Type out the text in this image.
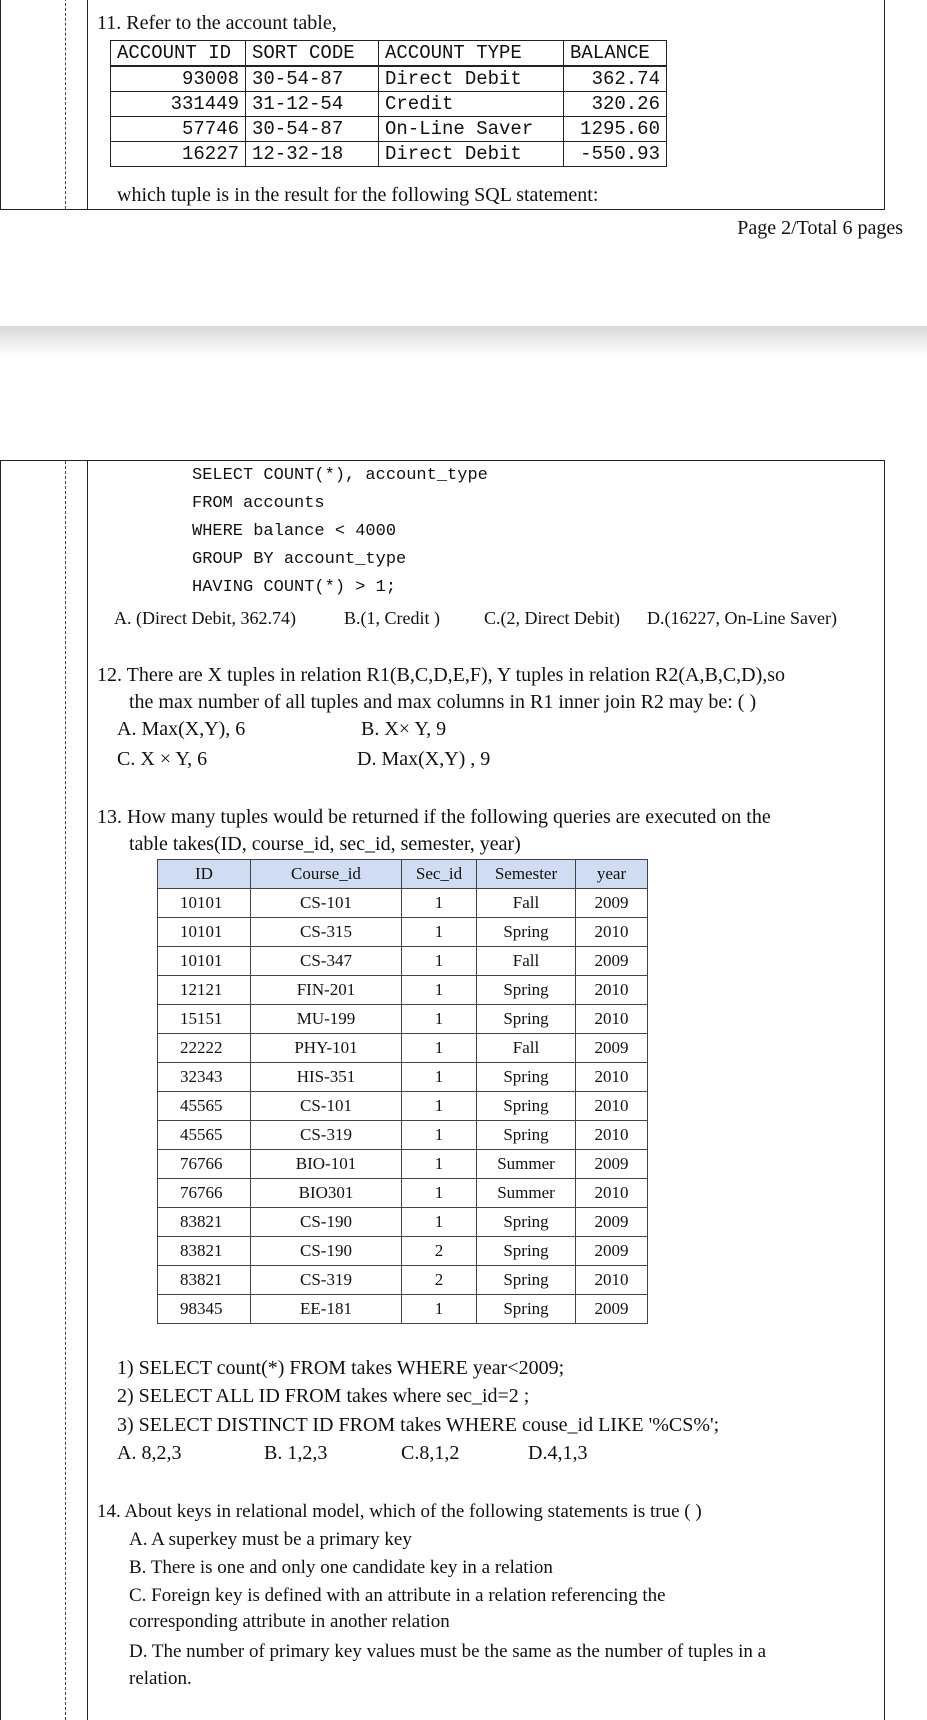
11. Refer to the account table,
ACCOUNT ID	SORT CODE	ACCOUNT TYPE	BALANCE
93008	30-54-87	Direct Debit	362.74
331449	31-12-54	Credit	320.26
57746	30-54-87	On-Line Saver	1295.60
16227	12-32-18	Direct Debit	-550.93
which tuple is in the result for the following SQL statement:
Page 2/Total 6 pages
SELECT COUNT(*), account_type
FROM accounts
WHERE balance < 4000
GROUP BY account_type
HAVING COUNT(*) > 1;
A. (Direct Debit, 362.74)	B.(1, Credit ) C.(2, Direct Debit) D.(16227, On-Line Saver)
12. There are X tuples in relation R1(B,C,D,E,F), Y tuples in relation R2(A,B,C,D),so
the max number of all tuples and max columns in R1 inner join R2 may be: ( )
A. Max(X,Y), 6	B. X× Y, 9
C. X × Y, 6	D. Max(X,Y) , 9
13. How many tuples would be returned if the following queries are executed on the
table takes(ID, course_id, sec_id, semester, year)
ID	Course_id	Sec_id	Semester	year
10101	CS-101	1	Fall	2009
10101	CS-315	1	Spring	2010
10101	CS-347	1	Fall	2009
12121	FIN-201	1	Spring	2010
15151	MU-199	1	Spring	2010
22222	PHY-101	1	Fall	2009
32343	HIS-351	1	Spring	2010
45565	CS-101	1	Spring	2010
45565	CS-319	1	Spring	2010
76766	BIO-101	1	Summer	2009
76766	BIO301	1	Summer	2010
83821	CS-190	1	Spring	2009
83821	CS-190	2	Spring	2009
83821	CS-319	2	Spring	2010
98345	EE-181	1	Spring	2009
1) SELECT count(*) FROM takes WHERE year<2009;
2) SELECT ALL ID FROM takes where sec_id=2 ;
3) SELECT DISTINCT ID FROM takes WHERE couse_id LIKE '%CS%';
A. 8,2,3	B. 1,2,3	C.8,1,2	D.4,1,3
14. About keys in relational model, which of the following statements is true ( )
A. A superkey must be a primary key
B. There is one and only one candidate key in a relation
C. Foreign key is defined with an attribute in a relation referencing the
corresponding attribute in another relation
D. The number of primary key values must be the same as the number of tuples in a
relation.
